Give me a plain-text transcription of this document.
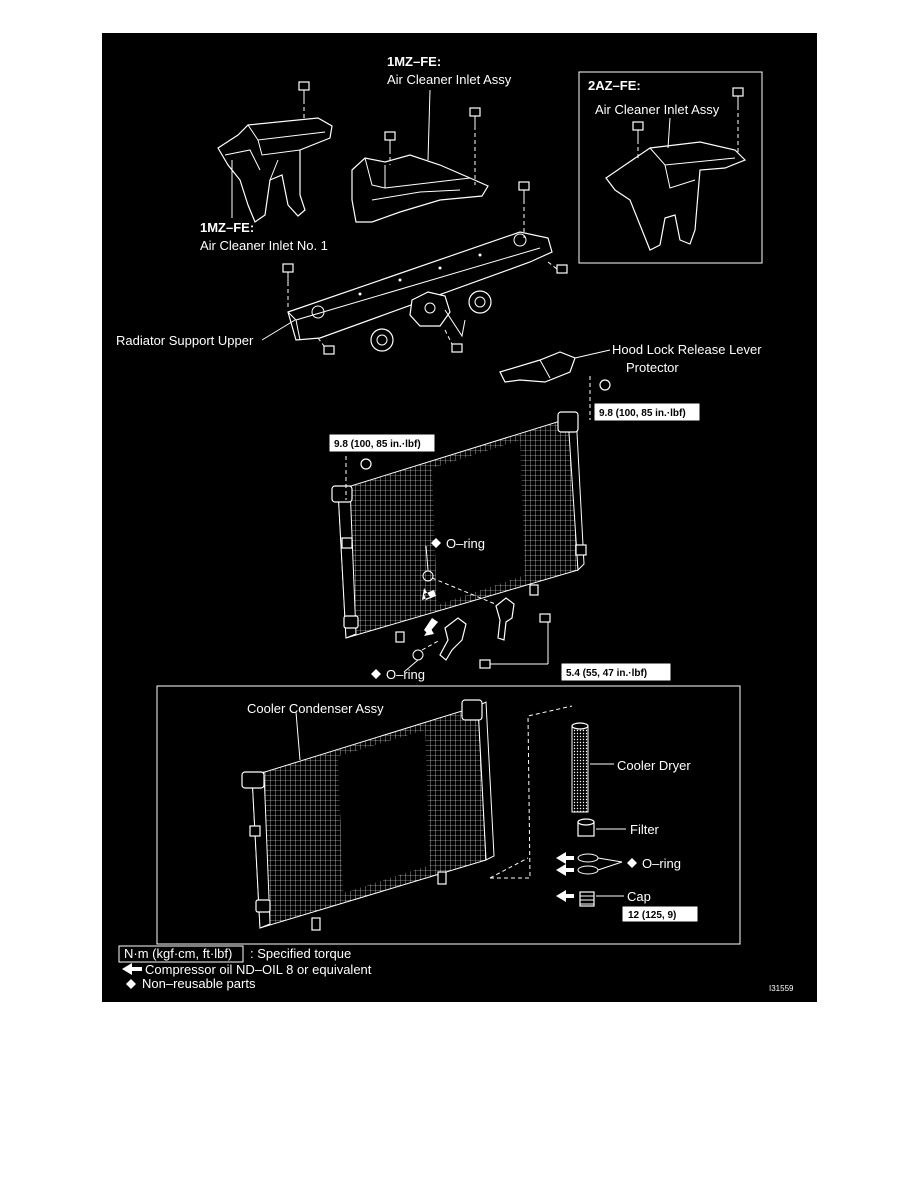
1MZ–FE:
Air Cleaner Inlet Assy	2AZ–FE:
Air Cleaner Inlet Assy
1MZ–FE:
Air Cleaner Inlet No. 1
Radiator Support Upper
Hood Lock Release Lever
Protector
O–ring
O–ring
Cooler Condenser Assy
Cooler Dryer
Filter
O–ring
Cap
9.8 (100, 85 in.·lbf)
9.8 (100, 85 in.·lbf)
5.4 (55, 47 in.·lbf)
12 (125, 9)
N·m (kgf·cm, ft·lbf) : Specified torque
Compressor oil ND–OIL 8 or equivalent
Non–reusable parts	I31559
